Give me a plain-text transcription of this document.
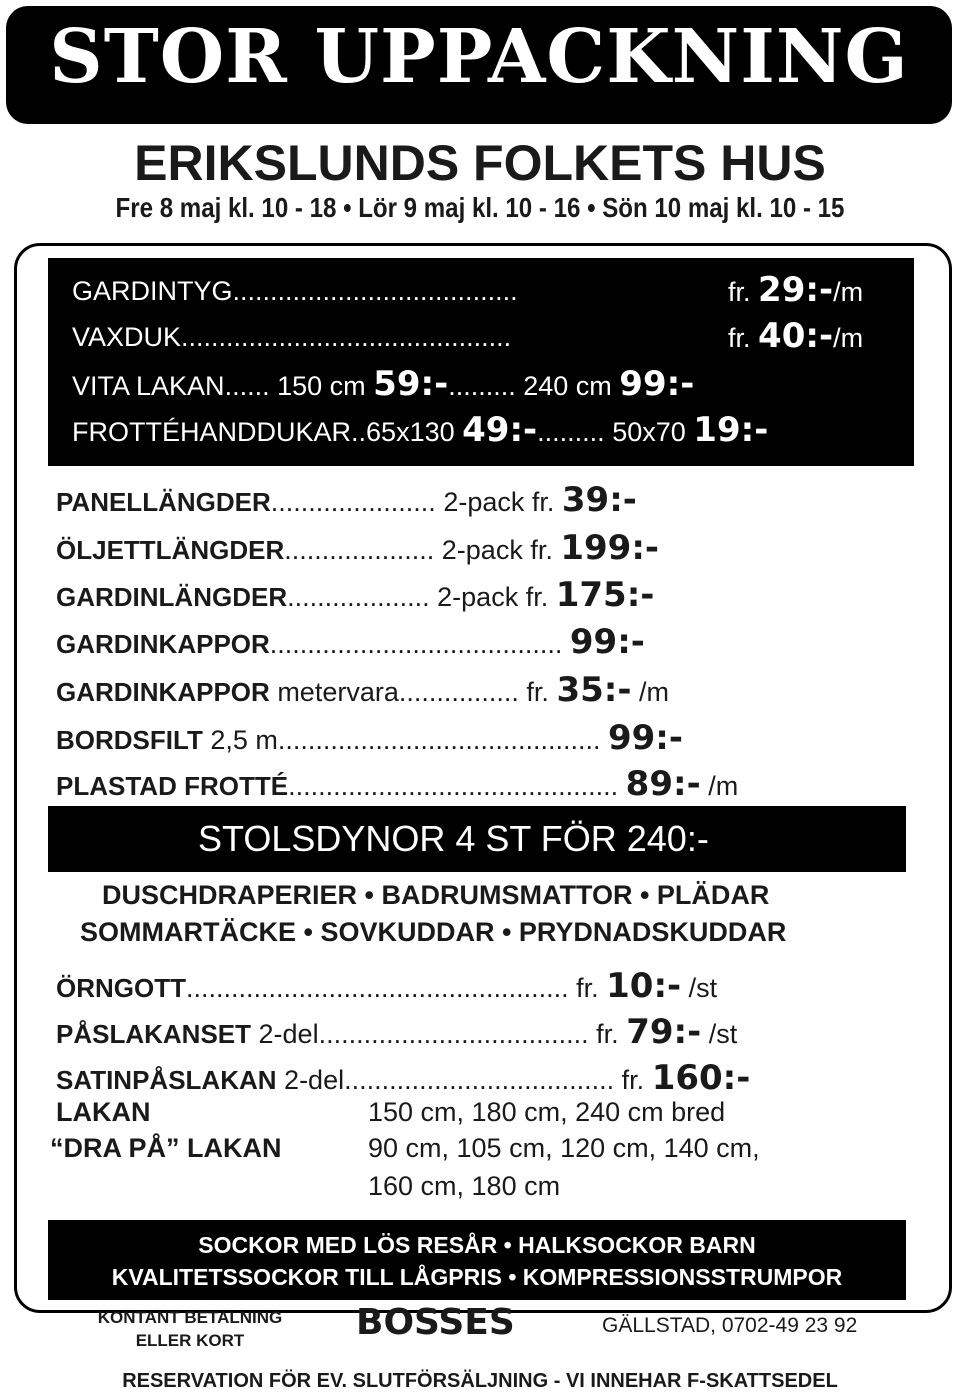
STOR UPPACKNING
ERIKSLUNDS FOLKETS HUS
Fre 8 maj kl. 10 - 18 • Lör 9 maj kl. 10 - 16 • Sön 10 maj kl. 10 - 15
GARDINTYG......................................	fr. 29:-/m
VAXDUK............................................	fr. 40:-/m
VITA LAKAN...... 150 cm 59:-......... 240 cm 99:-
FROTTÉHANDDUKAR..65x130 49:-......... 50x70 19:-
PANELLÄNGDER...................... 2-pack fr. 39:-
ÖLJETTLÄNGDER.................... 2-pack fr. 199:-
GARDINLÄNGDER................... 2-pack fr. 175:-
GARDINKAPPOR....................................... 99:-
GARDINKAPPOR metervara................ fr. 35:- /m
BORDSFILT 2,5 m........................................... 99:-
PLASTAD FROTTÉ............................................ 89:- /m
STOLSDYNOR 4 ST FÖR 240:-
DUSCHDRAPERIER • BADRUMSMATTOR • PLÄDAR
SOMMARTÄCKE • SOVKUDDAR • PRYDNADSKUDDAR
ÖRNGOTT................................................... fr. 10:- /st
PÅSLAKANSET 2-del.................................... fr. 79:- /st
SATINPÅSLAKAN 2-del.................................... fr. 160:-
LAKAN	150 cm, 180 cm, 240 cm bred
“DRA PÅ” LAKAN	90 cm, 105 cm, 120 cm, 140 cm,
160 cm, 180 cm
SOCKOR MED LÖS RESÅR • HALKSOCKOR BARN
KVALITETSSOCKOR TILL LÅGPRIS • KOMPRESSIONSSTRUMPOR
KONTANT BETALNING
ELLER KORT	BOSSES	GÄLLSTAD, 0702-49 23 92
RESERVATION FÖR EV. SLUTFÖRSÄLJNING - VI INNEHAR F-SKATTSEDEL
